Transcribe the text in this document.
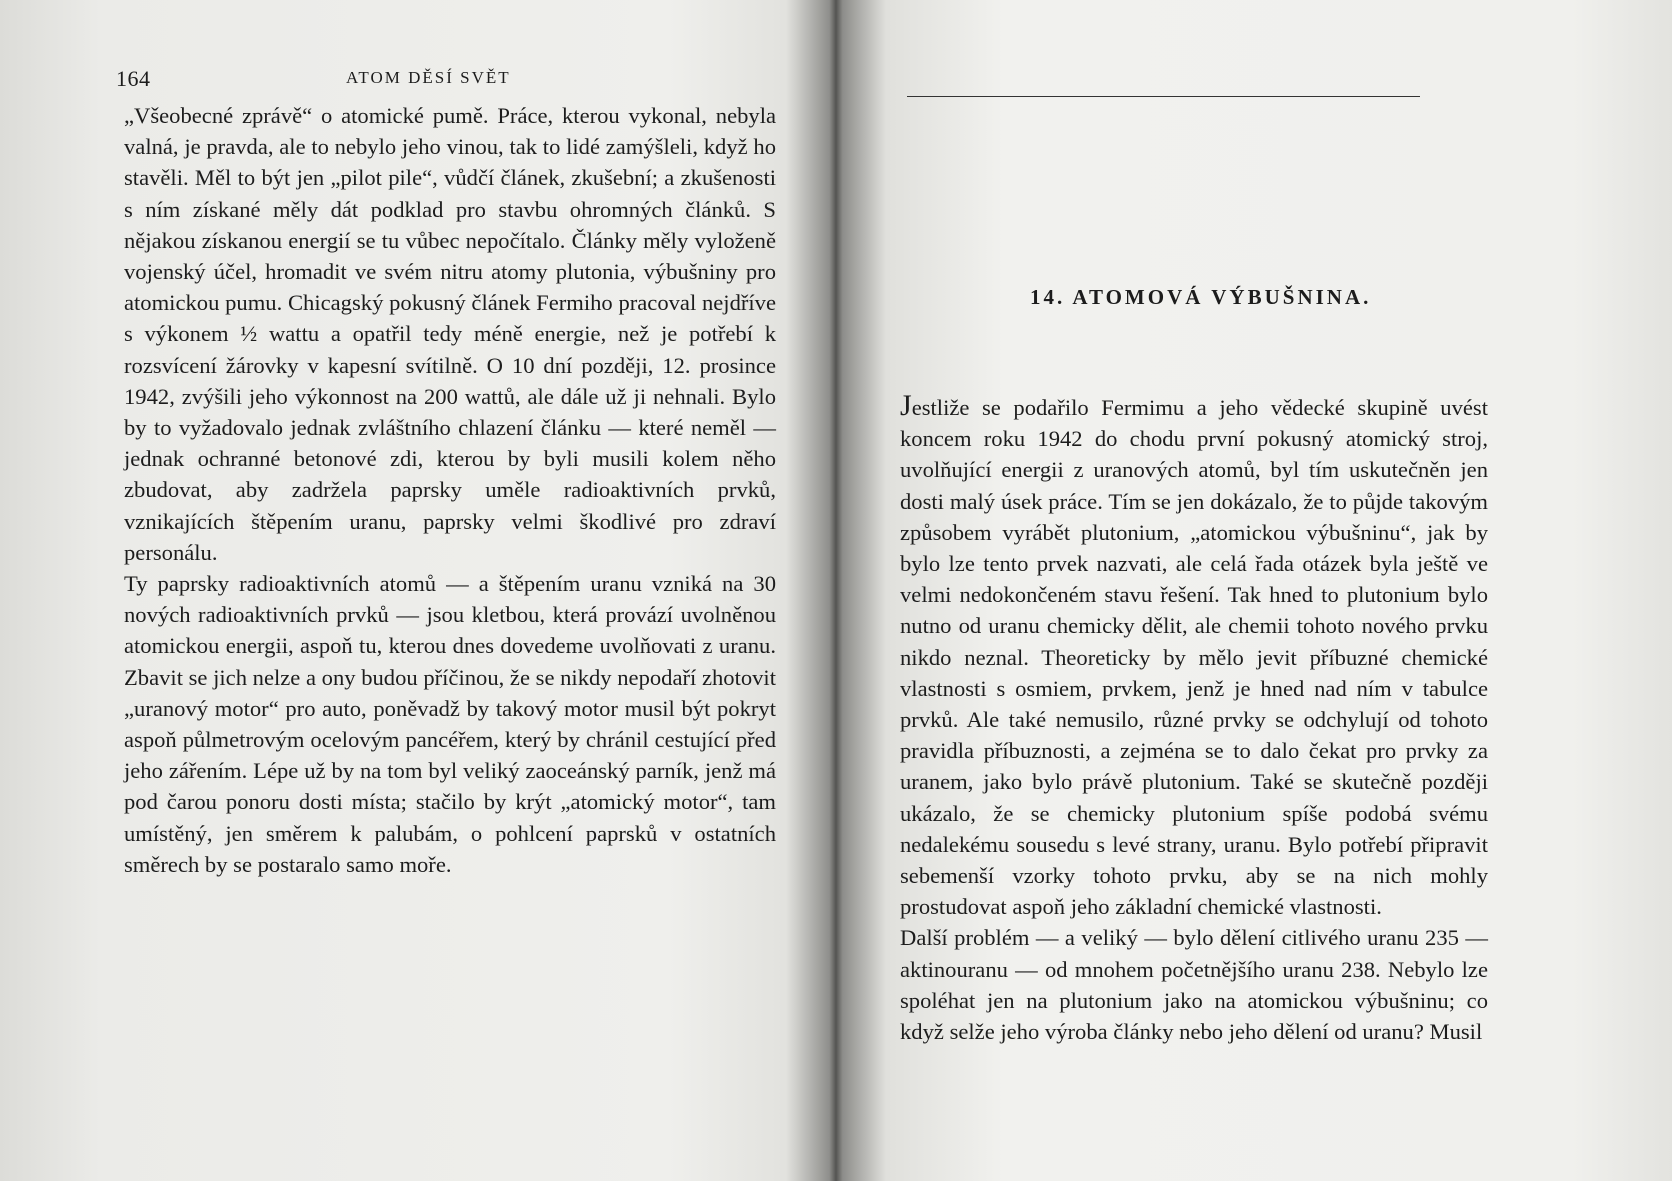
164	ATOM DĚSÍ SVĚT

„Všeobecné zprávě“ o atomické pumě. Práce, kterou vykonal, nebyla valná, je pravda, ale to nebylo jeho vinou, tak to lidé zamýšleli, když ho stavěli. Měl to být jen „pilot pile“, vůdčí článek, zkušební; a zkušenosti s ním získané měly dát podklad pro stavbu ohromných článků. S nějakou získanou energií se tu vůbec nepočítalo. Články měly vyloženě vojenský účel, hromadit ve svém nitru atomy plutonia, výbušniny pro atomickou pumu. Chicagský pokusný článek Fermiho pracoval nejdříve s výkonem ½ wattu a opatřil tedy méně energie, než je potřebí k rozsvícení žárovky v kapesní svítilně. O 10 dní později, 12. prosince 1942, zvýšili jeho výkonnost na 200 wattů, ale dále už ji nehnali. Bylo by to vyžadovalo jednak zvláštního chlazení článku — které neměl — jednak ochranné betonové zdi, kterou by byli musili kolem něho zbudovat, aby zadržela paprsky uměle radioaktivních prvků, vznikajících štěpením uranu, paprsky velmi škodlivé pro zdraví personálu.

Ty paprsky radioaktivních atomů — a štěpením uranu vzniká na 30 nových radioaktivních prvků — jsou kletbou, která provází uvolněnou atomickou energii, aspoň tu, kterou dnes dovedeme uvolňovati z uranu. Zbavit se jich nelze a ony budou příčinou, že se nikdy nepodaří zhotovit „uranový motor“ pro auto, poněvadž by takový motor musil být pokryt aspoň půlmetrovým ocelovým pancéřem, který by chránil cestující před jeho zářením. Lépe už by na tom byl veliký zaoceánský parník, jenž má pod čarou ponoru dosti místa; stačilo by krýt „atomický motor“, tam umístěný, jen směrem k palubám, o pohlcení paprsků v ostatních směrech by se postaralo samo moře.

14. ATOMOVÁ VÝBUŠNINA.

Jestliže se podařilo Fermimu a jeho vědecké skupině uvést koncem roku 1942 do chodu první pokusný atomický stroj, uvolňující energii z uranových atomů, byl tím uskutečněn jen dosti malý úsek práce. Tím se jen dokázalo, že to půjde takovým způsobem vyrábět plutonium, „atomickou výbušninu“, jak by bylo lze tento prvek nazvati, ale celá řada otázek byla ještě ve velmi nedokončeném stavu řešení. Tak hned to plutonium bylo nutno od uranu chemicky dělit, ale chemii tohoto nového prvku nikdo neznal. Theoreticky by mělo jevit příbuzné chemické vlastnosti s osmiem, prvkem, jenž je hned nad ním v tabulce prvků. Ale také nemusilo, různé prvky se odchylují od tohoto pravidla příbuznosti, a zejména se to dalo čekat pro prvky za uranem, jako bylo právě plutonium. Také se skutečně později ukázalo, že se chemicky plutonium spíše podobá svému nedalekému sousedu s levé strany, uranu. Bylo potřebí připravit sebemenší vzorky tohoto prvku, aby se na nich mohly prostudovat aspoň jeho základní chemické vlastnosti.

Další problém — a veliký — bylo dělení citlivého uranu 235 — aktinouranu — od mnohem početnějšího uranu 238. Nebylo lze spoléhat jen na plutonium jako na atomickou výbušninu; co když selže jeho výroba články nebo jeho dělení od uranu? Musil
